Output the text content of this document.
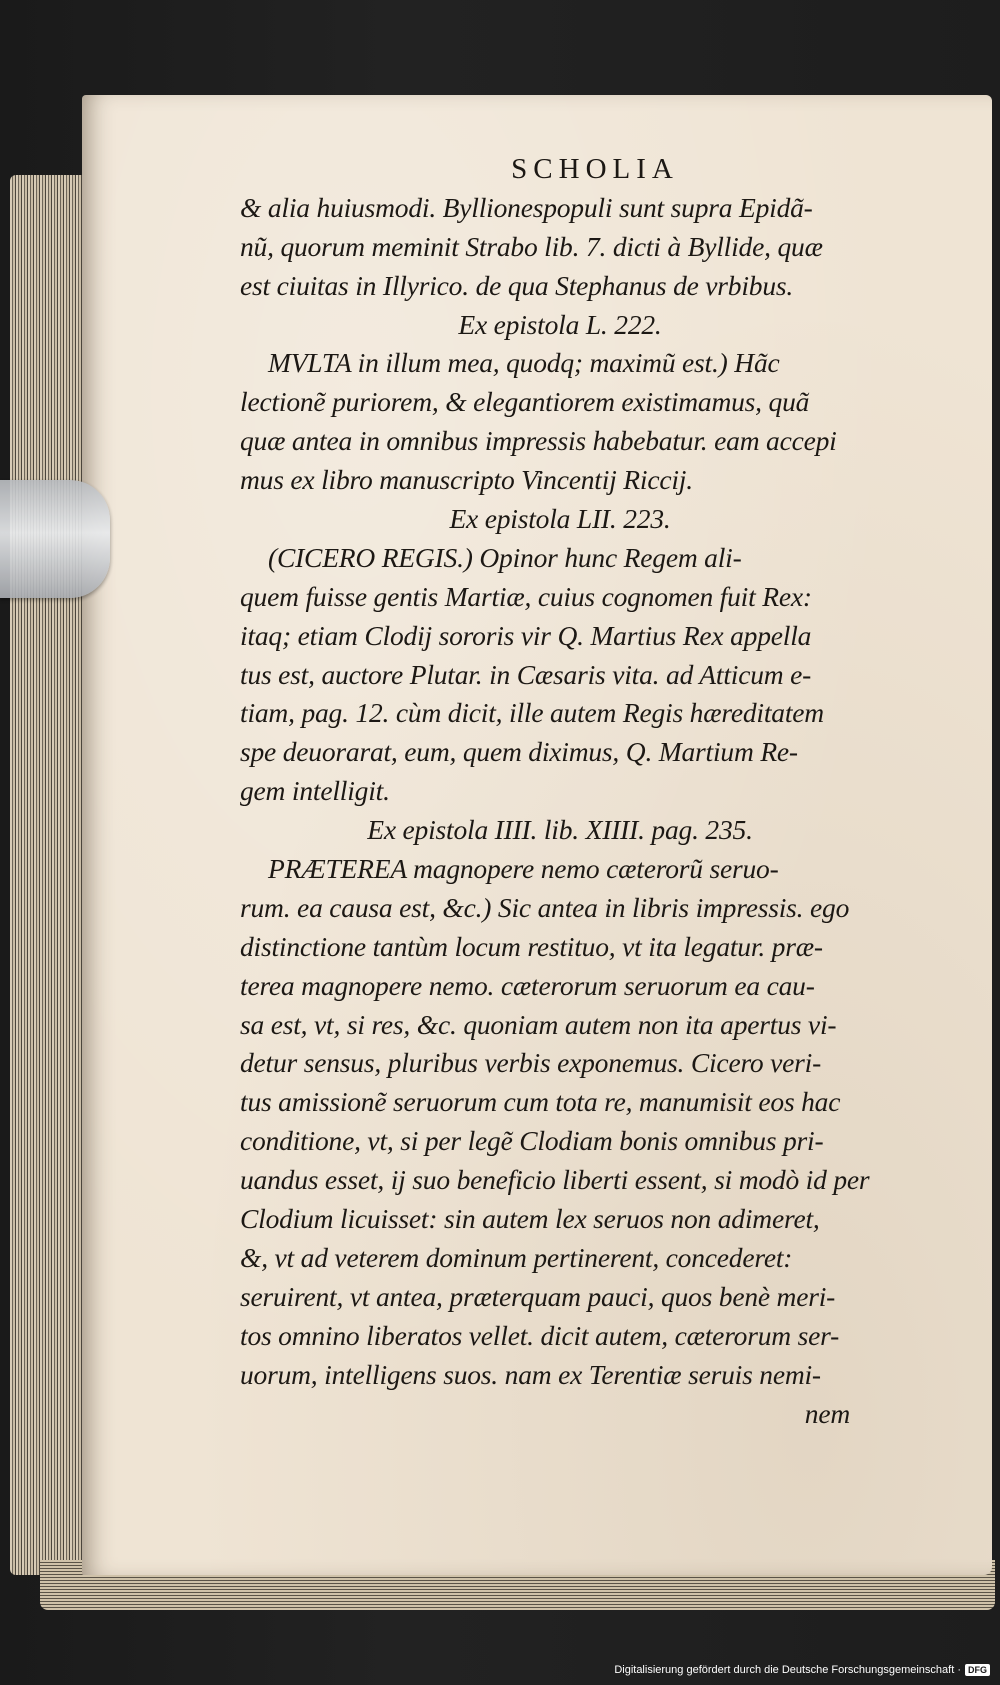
SCHOLIA
& alia huiusmodi. Byllionespopuli sunt supra Epidã-
nũ, quorum meminit Strabo lib. 7. dicti à Byllide, quæ
est ciuitas in Illyrico. de qua Stephanus de vrbibus.
Ex epistola L. 222.
MVLTA in illum mea, quodq; maximũ est.) Hãc
lectionẽ puriorem, & elegantiorem existimamus, quã
quæ antea in omnibus impressis habebatur. eam accepi
mus ex libro manuscripto Vincentij Riccij.
Ex epistola LII. 223.
(CICERO REGIS.) Opinor hunc Regem ali-
quem fuisse gentis Martiæ, cuius cognomen fuit Rex:
itaq; etiam Clodij sororis vir Q. Martius Rex appella
tus est, auctore Plutar. in Cæsaris vita. ad Atticum e-
tiam, pag. 12. cùm dicit, ille autem Regis hæreditatem
spe deuorarat, eum, quem diximus, Q. Martium Re-
gem intelligit.
Ex epistola IIII. lib. XIIII. pag. 235.
PRÆTEREA magnopere nemo cæterorũ seruo-
rum. ea causa est, &c.) Sic antea in libris impressis. ego
distinctione tantùm locum restituo, vt ita legatur. præ-
terea magnopere nemo. cæterorum seruorum ea cau-
sa est, vt, si res, &c. quoniam autem non ita apertus vi-
detur sensus, pluribus verbis exponemus. Cicero veri-
tus amissionẽ seruorum cum tota re, manumisit eos hac
conditione, vt, si per legẽ Clodiam bonis omnibus pri-
uandus esset, ij suo beneficio liberti essent, si modò id per
Clodium licuisset: sin autem lex seruos non adimeret,
&, vt ad veterem dominum pertinerent, concederet:
seruirent, vt antea, præterquam pauci, quos benè meri-
tos omnino liberatos vellet. dicit autem, cæterorum ser-
uorum, intelligens suos. nam ex Terentiæ seruis nemi-
nem
Digitalisierung gefördert durch die Deutsche Forschungsgemeinschaft · DFG
